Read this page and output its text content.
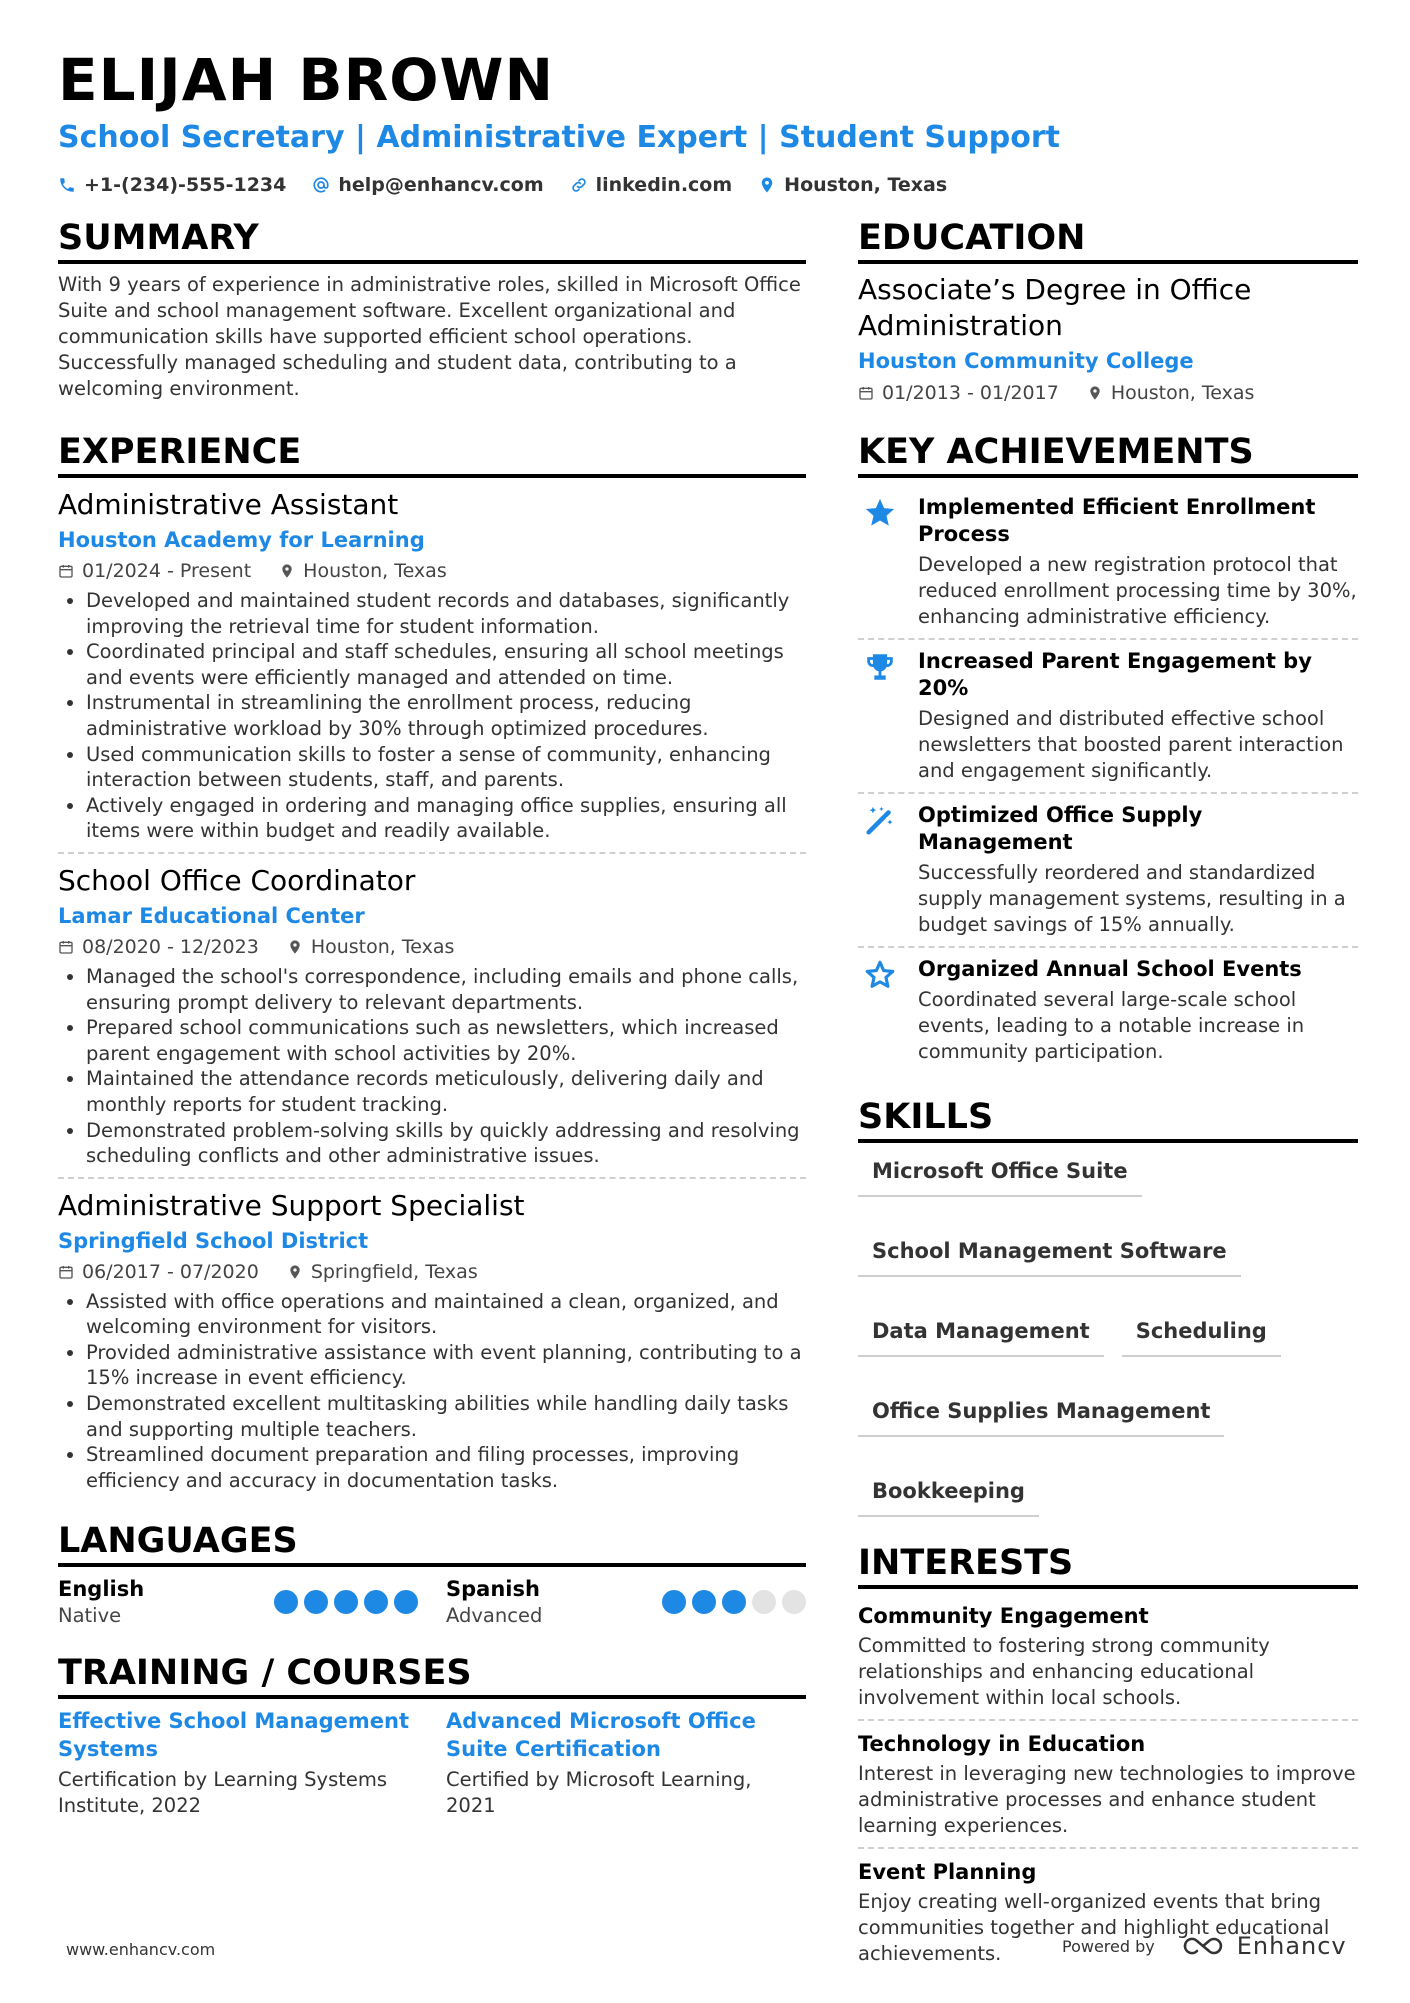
ELIJAH BROWN
School Secretary | Administrative Expert | Student Support
+1-(234)-555-1234	help@enhancv.com	linkedin.com	Houston, Texas
SUMMARY
With 9 years of experience in administrative roles, skilled in Microsoft Office Suite and school management software. Excellent organizational and communication skills have supported efficient school operations. Successfully managed scheduling and student data, contributing to a welcoming environment.
EXPERIENCE
Administrative Assistant
Houston Academy for Learning
01/2024 - Present	Houston, Texas
• Developed and maintained student records and databases, significantly improving the retrieval time for student information.
• Coordinated principal and staff schedules, ensuring all school meetings and events were efficiently managed and attended on time.
• Instrumental in streamlining the enrollment process, reducing administrative workload by 30% through optimized procedures.
• Used communication skills to foster a sense of community, enhancing interaction between students, staff, and parents.
• Actively engaged in ordering and managing office supplies, ensuring all items were within budget and readily available.
School Office Coordinator
Lamar Educational Center
08/2020 - 12/2023	Houston, Texas
• Managed the school's correspondence, including emails and phone calls, ensuring prompt delivery to relevant departments.
• Prepared school communications such as newsletters, which increased parent engagement with school activities by 20%.
• Maintained the attendance records meticulously, delivering daily and monthly reports for student tracking.
• Demonstrated problem-solving skills by quickly addressing and resolving scheduling conflicts and other administrative issues.
Administrative Support Specialist
Springfield School District
06/2017 - 07/2020	Springfield, Texas
• Assisted with office operations and maintained a clean, organized, and welcoming environment for visitors.
• Provided administrative assistance with event planning, contributing to a 15% increase in event efficiency.
• Demonstrated excellent multitasking abilities while handling daily tasks and supporting multiple teachers.
• Streamlined document preparation and filing processes, improving efficiency and accuracy in documentation tasks.
LANGUAGES
English
Native
Spanish
Advanced
TRAINING / COURSES
Effective School Management Systems
Certification by Learning Systems Institute, 2022
Advanced Microsoft Office Suite Certification
Certified by Microsoft Learning, 2021
EDUCATION
Associate’s Degree in Office Administration
Houston Community College
01/2013 - 01/2017	Houston, Texas
KEY ACHIEVEMENTS
Implemented Efficient Enrollment Process
Developed a new registration protocol that reduced enrollment processing time by 30%, enhancing administrative efficiency.
Increased Parent Engagement by 20%
Designed and distributed effective school newsletters that boosted parent interaction and engagement significantly.
Optimized Office Supply Management
Successfully reordered and standardized supply management systems, resulting in a budget savings of 15% annually.
Organized Annual School Events
Coordinated several large-scale school events, leading to a notable increase in community participation.
SKILLS
Microsoft Office Suite
School Management Software
Data Management	Scheduling
Office Supplies Management
Bookkeeping
INTERESTS
Community Engagement
Committed to fostering strong community relationships and enhancing educational involvement within local schools.
Technology in Education
Interest in leveraging new technologies to improve administrative processes and enhance student learning experiences.
Event Planning
Enjoy creating well-organized events that bring communities together and highlight educational achievements.
www.enhancv.com	Powered by	Enhancv
